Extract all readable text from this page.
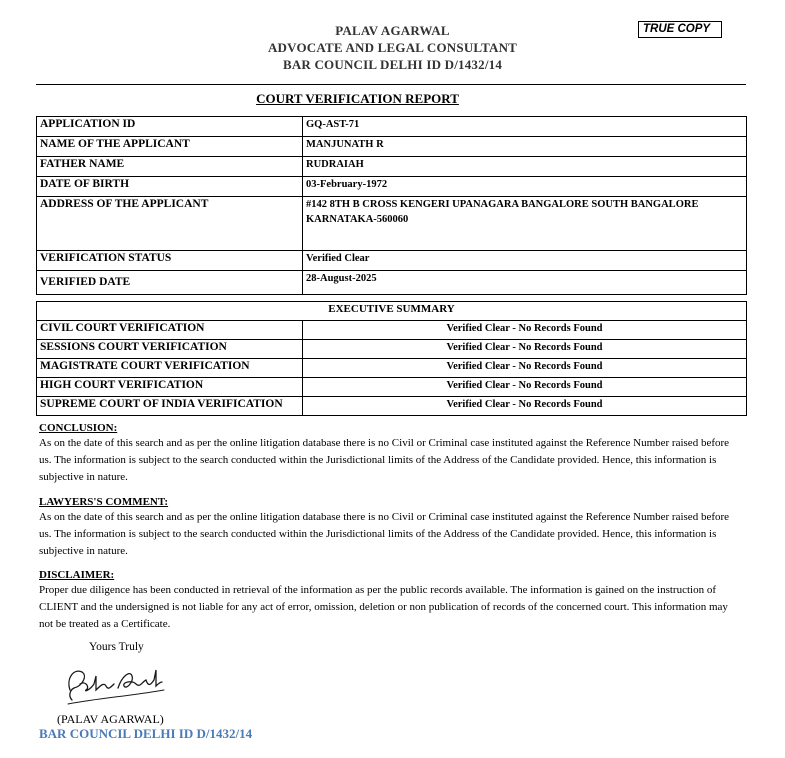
PALAV AGARWAL
ADVOCATE AND LEGAL CONSULTANT
BAR COUNCIL DELHI ID D/1432/14
TRUE COPY
COURT VERIFICATION REPORT
APPLICATION ID	GQ-AST-71
NAME OF THE APPLICANT	MANJUNATH R
FATHER NAME	RUDRAIAH
DATE OF BIRTH	03-February-1972
ADDRESS OF THE APPLICANT	#142 8TH B CROSS KENGERI UPANAGARA BANGALORE SOUTH BANGALORE KARNATAKA-560060
VERIFICATION STATUS	Verified Clear
VERIFIED DATE	28-August-2025
EXECUTIVE SUMMARY	
CIVIL COURT VERIFICATION	Verified Clear - No Records Found
SESSIONS COURT VERIFICATION	Verified Clear - No Records Found
MAGISTRATE COURT VERIFICATION	Verified Clear - No Records Found
HIGH COURT VERIFICATION	Verified Clear - No Records Found
SUPREME COURT OF INDIA VERIFICATION	Verified Clear - No Records Found
CONCLUSION:

As on the date of this search and as per the online litigation database there is no Civil or Criminal case instituted against the Reference Number raised before us. The information is subject to the search conducted within the Jurisdictional limits of the Address of the Candidate provided. Hence, this information is subjective in nature.

LAWYERS'S COMMENT:

As on the date of this search and as per the online litigation database there is no Civil or Criminal case instituted against the Reference Number raised before us. The information is subject to the search conducted within the Jurisdictional limits of the Address of the Candidate provided. Hence, this information is subjective in nature.

DISCLAIMER:

Proper due diligence has been conducted in retrieval of the information as per the public records available. The information is gained on the instruction of CLIENT and the undersigned is not liable for any act of error, omission, deletion or non publication of records of the concerned court. This information may not be treated as a Certificate.

Yours Truly
(PALAV AGARWAL)
BAR COUNCIL DELHI ID D/1432/14
